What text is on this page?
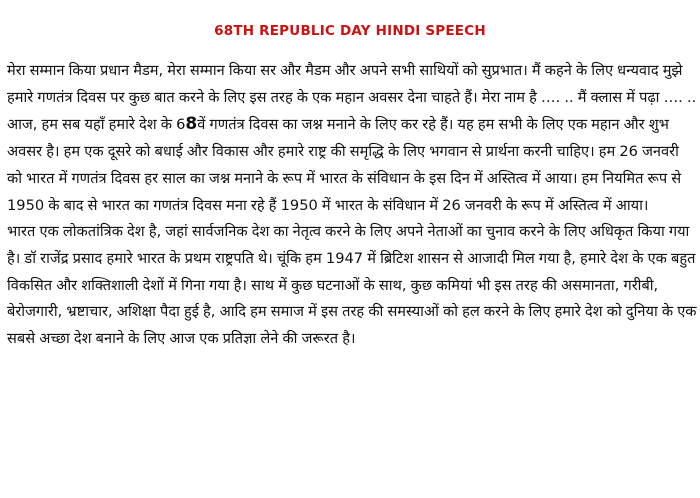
68TH REPUBLIC DAY HINDI SPEECH

मेरा सम्मान किया प्रधान मैडम, मेरा सम्मान किया सर और मैडम और अपने सभी साथियों को सुप्रभात। मैं कहने के लिए धन्यवाद मुझे हमारे गणतंत्र दिवस पर कुछ बात करने के लिए इस तरह के एक महान अवसर देना चाहते हैं। मेरा नाम है …. .. मैं क्लास में पढ़ा …. ..

आज, हम सब यहाँ हमारे देश के 68वें गणतंत्र दिवस का जश्न मनाने के लिए कर रहे हैं। यह हम सभी के लिए एक महान और शुभ अवसर है। हम एक दूसरे को बधाई और विकास और हमारे राष्ट्र की समृद्धि के लिए भगवान से प्रार्थना करनी चाहिए। हम 26 जनवरी को भारत में गणतंत्र दिवस हर साल का जश्न मनाने के रूप में भारत के संविधान के इस दिन में अस्तित्व में आया। हम नियमित रूप से 1950 के बाद से भारत का गणतंत्र दिवस मना रहे हैं 1950 में भारत के संविधान में 26 जनवरी के रूप में अस्तित्व में आया।

भारत एक लोकतांत्रिक देश है, जहां सार्वजनिक देश का नेतृत्व करने के लिए अपने नेताओं का चुनाव करने के लिए अधिकृत किया गया है। डॉ राजेंद्र प्रसाद हमारे भारत के प्रथम राष्ट्रपति थे। चूंकि हम 1947 में ब्रिटिश शासन से आजादी मिल गया है, हमारे देश के एक बहुत विकसित और शक्तिशाली देशों में गिना गया है। साथ में कुछ घटनाओं के साथ, कुछ कमियां भी इस तरह की असमानता, गरीबी, बेरोजगारी, भ्रष्टाचार, अशिक्षा पैदा हुई है, आदि हम समाज में इस तरह की समस्याओं को हल करने के लिए हमारे देश को दुनिया के एक सबसे अच्छा देश बनाने के लिए आज एक प्रतिज्ञा लेने की जरूरत है।
